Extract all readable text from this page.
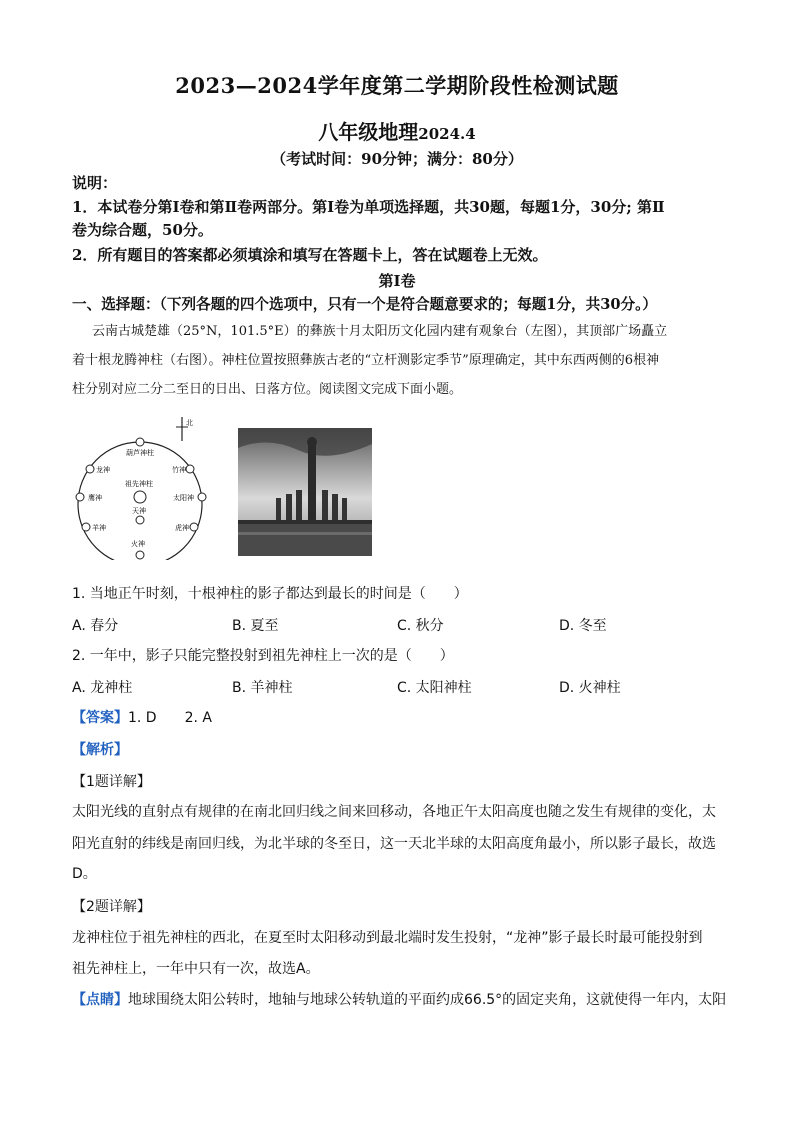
2023—2024学年度第二学期阶段性检测试题
八年级地理2024.4
（考试时间：90分钟；满分：80分）
说明：
1．本试卷分第Ⅰ卷和第Ⅱ卷两部分。第Ⅰ卷为单项选择题，共30题，每题1分，30分; 第Ⅱ
卷为综合题，50分。
2．所有题目的答案都必须填涂和填写在答题卡上，答在试题卷上无效。
第Ⅰ卷
一、选择题：（下列各题的四个选项中，只有一个是符合题意要求的；每题1分，共30分。）
云南古城楚雄（25°N，101.5°E）的彝族十月太阳历文化园内建有观象台（左图），其顶部广场矗立
着十根龙腾神柱（右图）。神柱位置按照彝族古老的“立杆测影定季节”原理确定，其中东西两侧的6根神
柱分别对应二分二至日的日出、日落方位。阅读图文完成下面小题。
北
葫芦神柱
龙神	竹神
祖先神柱
鹰神	太阳神
天神
羊神	虎神
火神
1. 当地正午时刻，十根神柱的影子都达到最长的时间是（　　）
A. 春分	B. 夏至	C. 秋分	D. 冬至
2. 一年中，影子只能完整投射到祖先神柱上一次的是（　　）
A. 龙神柱	B. 羊神柱	C. 太阳神柱	D. 火神柱
【答案】1. D　　2. A
【解析】
【1题详解】
太阳光线的直射点有规律的在南北回归线之间来回移动，各地正午太阳高度也随之发生有规律的变化，太
阳光直射的纬线是南回归线，为北半球的冬至日，这一天北半球的太阳高度角最小，所以影子最长，故选
D。
【2题详解】
龙神柱位于祖先神柱的西北，在夏至时太阳移动到最北端时发生投射，“龙神”影子最长时最可能投射到
祖先神柱上，一年中只有一次，故选A。
【点睛】地球围绕太阳公转时，地轴与地球公转轨道的平面约成66.5°的固定夹角，这就使得一年内，太阳
